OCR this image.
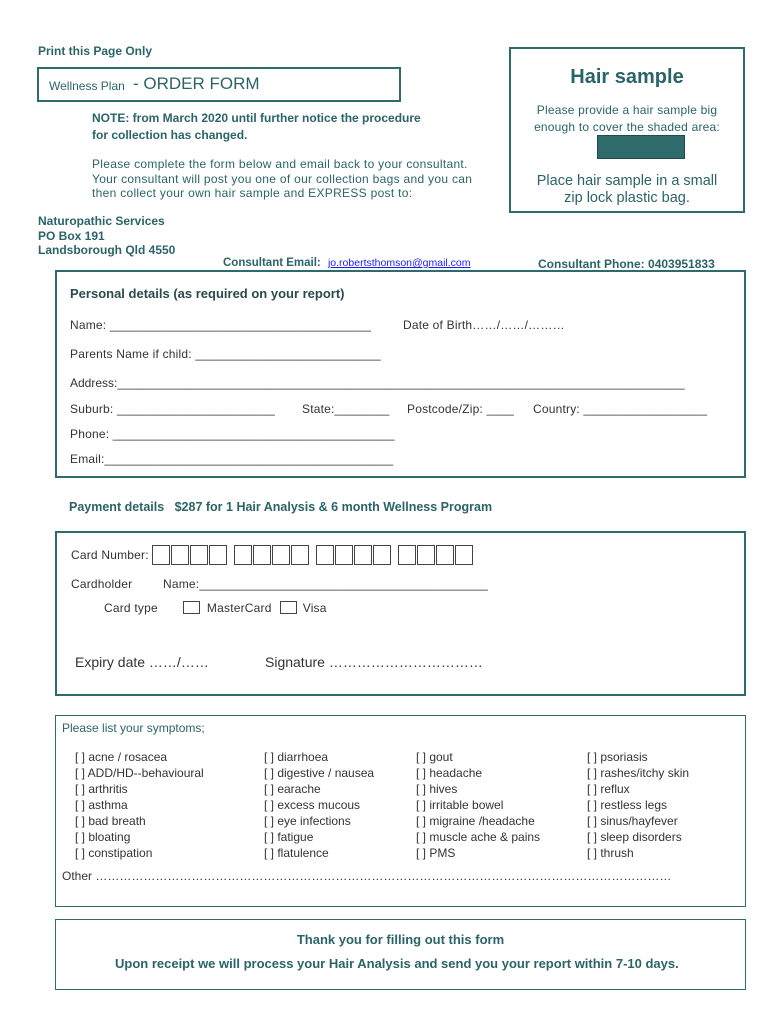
Print this Page Only
Wellness Plan - ORDER FORM
NOTE: from March 2020 until further notice the procedure
for collection has changed.
Please complete the form below and email back to your consultant.
Your consultant will post you one of our collection bags and you can
then collect your own hair sample and EXPRESS post to:
Hair sample
Please provide a hair sample big
enough to cover the shaded area:
Place hair sample in a small
zip lock plastic bag.
Naturopathic Services
PO Box 191
Landsborough Qld 4550
Consultant Email: jo.robertsthomson@gmail.com	Consultant Phone: 0403951833
Personal details (as required on your report)
Name: ______________________________________	Date of Birth……/……/………
Parents Name if child: ___________________________
Address:_____________________________________________________________________________________
Suburb: _______________________ State:________ Postcode/Zip: ____ Country: __________________
Phone: _________________________________________
Email:__________________________________________
Payment details   $287 for 1 Hair Analysis & 6 month Wellness Program
Card Number:
Cardholder	Name:__________________________________________
Card type	MasterCard	Visa
Expiry date ……/……	Signature ……………………………
Please list your symptoms;
[ ] acne / rosacea
[ ] ADD/HD--behavioural
[ ] arthritis
[ ] asthma
[ ] bad breath
[ ] bloating
[ ] constipation
[ ] diarrhoea
[ ] digestive / nausea
[ ] earache
[ ] excess mucous
[ ] eye infections
[ ] fatigue
[ ] flatulence
[ ] gout
[ ] headache
[ ] hives
[ ] irritable bowel
[ ] migraine /headache
[ ] muscle ache & pains
[ ] PMS
[ ] psoriasis
[ ] rashes/itchy skin
[ ] reflux
[ ] restless legs
[ ] sinus/hayfever
[ ] sleep disorders
[ ] thrush
Other ………………………………………………………………………………………………………………………………
Thank you for filling out this form
Upon receipt we will process your Hair Analysis and send you your report within 7-10 days.
